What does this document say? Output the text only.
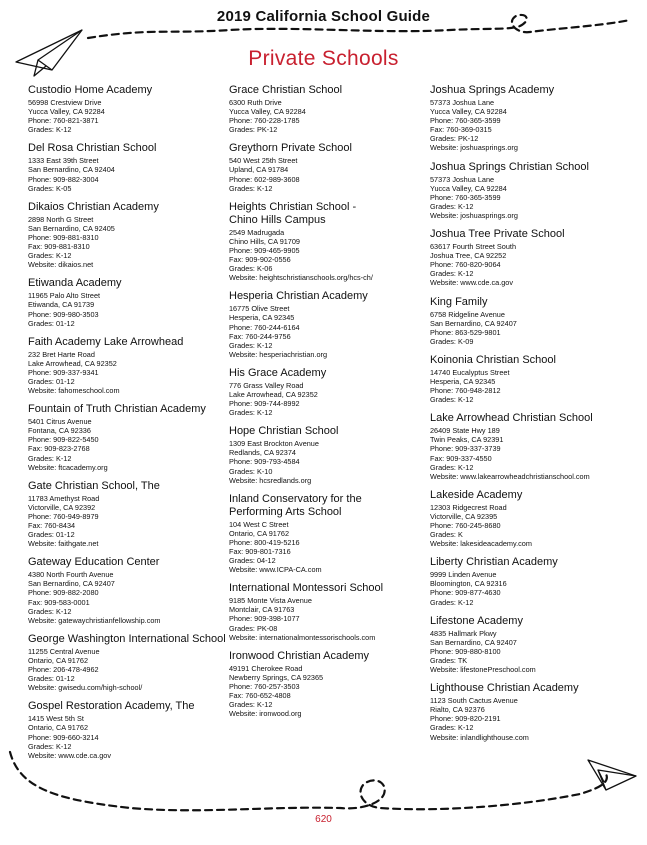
2019 California School Guide
Private Schools
Custodio Home Academy
56998 Crestview Drive
Yucca Valley, CA 92284
Phone: 760-821-3871
Grades: K-12
Del Rosa Christian School
1333 East 39th Street
San Bernardino, CA 92404
Phone: 909-882-3004
Grades: K-05
Dikaios Christian Academy
2898 North G Street
San Bernardino, CA 92405
Phone: 909-881-8310
Fax: 909-881-8310
Grades: K-12
Website: dikaios.net
Etiwanda Academy
11965 Palo Alto Street
Etiwanda, CA 91739
Phone: 909-980-3503
Grades: 01-12
Faith Academy Lake Arrowhead
232 Bret Harte Road
Lake Arrowhead, CA 92352
Phone: 909-337-9341
Grades: 01-12
Website: fahomeschool.com
Fountain of Truth Christian Academy
5401 Citrus Avenue
Fontana, CA 92336
Phone: 909-822-5450
Fax: 909-823-2768
Grades: K-12
Website: ftcacademy.org
Gate Christian School, The
11783 Amethyst Road
Victorville, CA 92392
Phone: 760-949-8979
Fax: 760-8434
Grades: 01-12
Website: faithgate.net
Gateway Education Center
4380 North Fourth Avenue
San Bernardino, CA 92407
Phone: 909-882-2080
Fax: 909-583-0001
Grades: K-12
Website: gatewaychristianfellowship.com
George Washington International School
11255 Central Avenue
Ontario, CA 91762
Phone: 206-478-4962
Grades: 01-12
Website: gwisedu.com/high-school/
Gospel Restoration Academy, The
1415 West 5th St
Ontario, CA 91762
Phone: 909-660-3214
Grades: K-12
Website: www.cde.ca.gov
Grace Christian School
6300 Ruth Drive
Yucca Valley, CA 92284
Phone: 760-228-1785
Grades: PK-12
Greythorn Private School
540 West 25th Street
Upland, CA 91784
Phone: 602-989-3608
Grades: K-12
Heights Christian School -
Chino Hills Campus
2549 Madrugada
Chino Hills, CA 91709
Phone: 909-465-9905
Fax: 909-902-0556
Grades: K-06
Website: heightschristianschools.org/hcs-ch/
Hesperia Christian Academy
16775 Olive Street
Hesperia, CA 92345
Phone: 760-244-6164
Fax: 760-244-9756
Grades: K-12
Website: hesperiachristian.org
His Grace Academy
776 Grass Valley Road
Lake Arrowhead, CA 92352
Phone: 909-744-8992
Grades: K-12
Hope Christian School
1309 East Brockton Avenue
Redlands, CA 92374
Phone: 909-793-4584
Grades: K-10
Website: hcsredlands.org
Inland Conservatory for the
Performing Arts School
104 West C Street
Ontario, CA 91762
Phone: 800-419-5216
Fax: 909-801-7316
Grades: 04-12
Website: www.ICPA-CA.com
International Montessori School
9185 Monte Vista Avenue
Montclair, CA 91763
Phone: 909-398-1077
Grades: PK-08
Website: internationalmontessorischools.com
Ironwood Christian Academy
49191 Cherokee Road
Newberry Springs, CA 92365
Phone: 760-257-3503
Fax: 760-652-4808
Grades: K-12
Website: ironwood.org
Joshua Springs Academy
57373 Joshua Lane
Yucca Valley, CA 92284
Phone: 760-365-3599
Fax: 760-369-0315
Grades: PK-12
Website: joshuasprings.org
Joshua Springs Christian School
57373 Joshua Lane
Yucca Valley, CA 92284
Phone: 760-365-3599
Grades: K-12
Website: joshuasprings.org
Joshua Tree Private School
63617 Fourth Street South
Joshua Tree, CA 92252
Phone: 760-820-9064
Grades: K-12
Website: www.cde.ca.gov
King Family
6758 Ridgeline Avenue
San Bernardino, CA 92407
Phone: 863-529-9801
Grades: K-09
Koinonia Christian School
14740 Eucalyptus Street
Hesperia, CA 92345
Phone: 760-948-2812
Grades: K-12
Lake Arrowhead Christian School
26409 State Hwy 189
Twin Peaks, CA 92391
Phone: 909-337-3739
Fax: 909-337-4550
Grades: K-12
Website: www.lakearrowheadchristianschool.com
Lakeside Academy
12303 Ridgecrest Road
Victorville, CA 92395
Phone: 760-245-8680
Grades: K
Website: lakesideacademy.com
Liberty Christian Academy
9999 Linden Avenue
Bloomington, CA 92316
Phone: 909-877-4630
Grades: K-12
Lifestone Academy
4835 Hallmark Pkwy
San Bernardino, CA 92407
Phone: 909-880-8100
Grades: TK
Website: lifestonePreschool.com
Lighthouse Christian Academy
1123 South Cactus Avenue
Rialto, CA 92376
Phone: 909-820-2191
Grades: K-12
Website: inlandlighthouse.com
620
